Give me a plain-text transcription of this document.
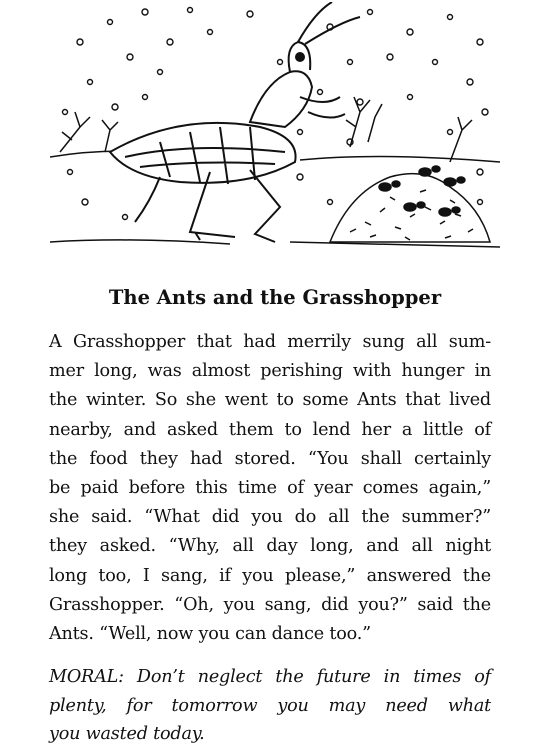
The Ants and the Grasshopper

A Grasshopper that had merrily sung all sum-
mer long, was almost perishing with hunger in
the winter. So she went to some Ants that lived
nearby, and asked them to lend her a little of
the food they had stored. “You shall certainly
be paid before this time of year comes again,”
she said. “What did you do all the summer?”
they asked. “Why, all day long, and all night
long too, I sang, if you please,” answered the
Grasshopper. “Oh, you sang, did you?” said the
Ants. “Well, now you can dance too.”

MORAL: Don’t neglect the future in times of
plenty, for tomorrow you may need what
you wasted today.
